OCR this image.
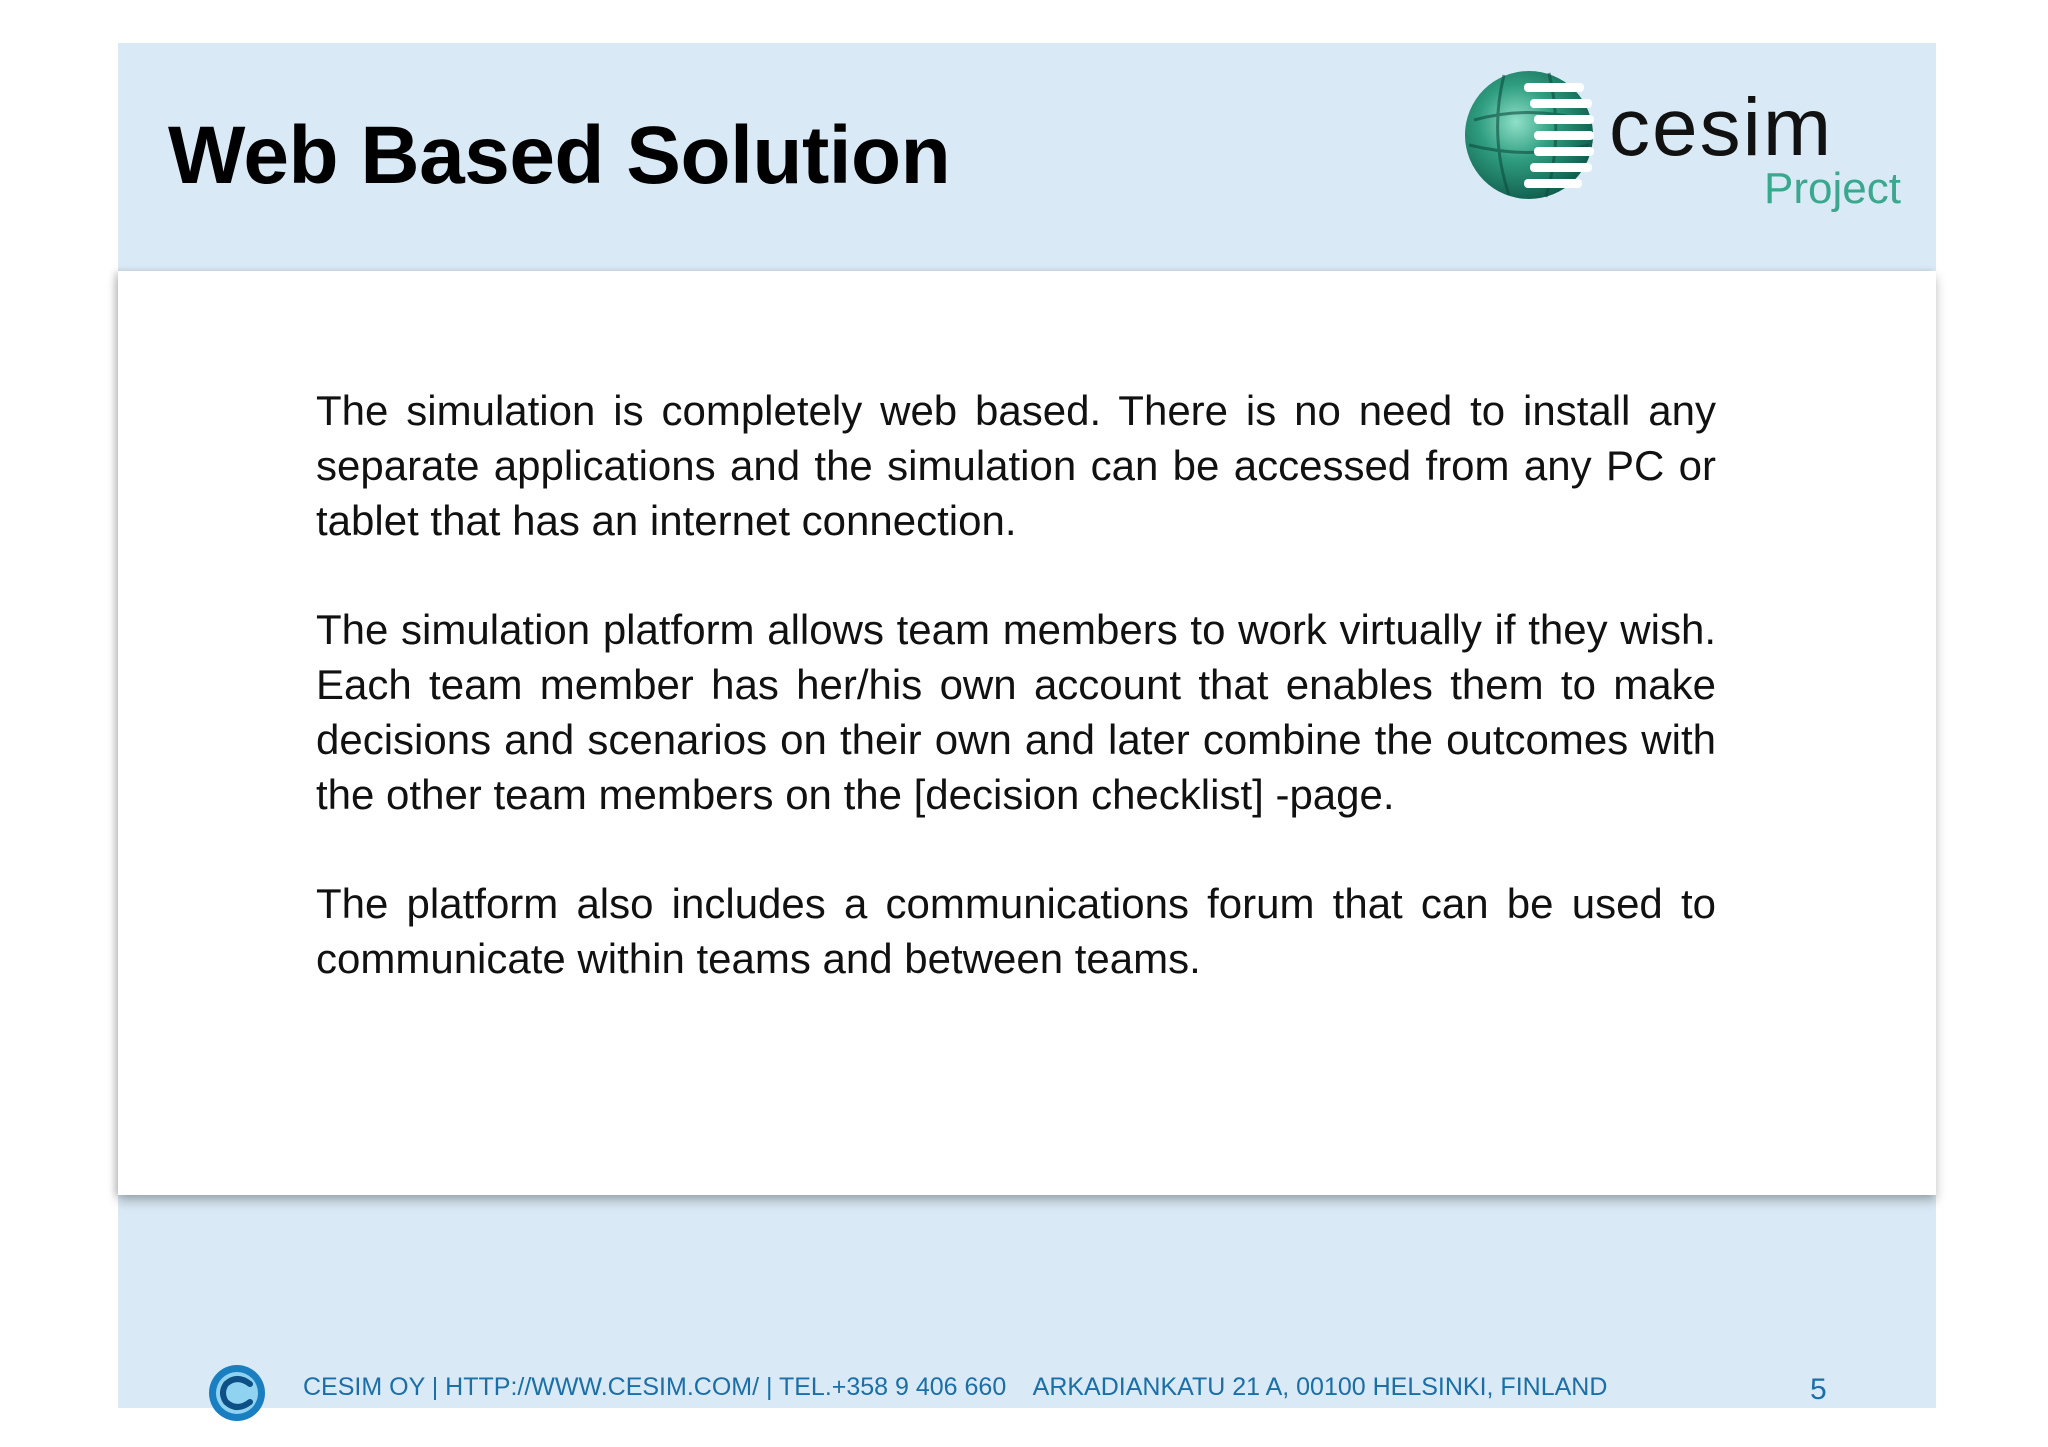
Web Based Solution	cesim
Project

The simulation is completely web based. There is no need to install any separate applications and the simulation can be accessed from any PC or tablet that has an internet connection.

The simulation platform allows team members to work virtually if they wish. Each team member has her/his own account that enables them to make decisions and scenarios on their own and later combine the outcomes with the other team members on the [decision checklist] -page.

The platform also includes a communications forum that can be used to communicate within teams and between teams.

CESIM OY | HTTP://WWW.CESIM.COM/ | TEL.+358 9 406 660    ARKADIANKATU 21 A, 00100 HELSINKI, FINLAND	5
